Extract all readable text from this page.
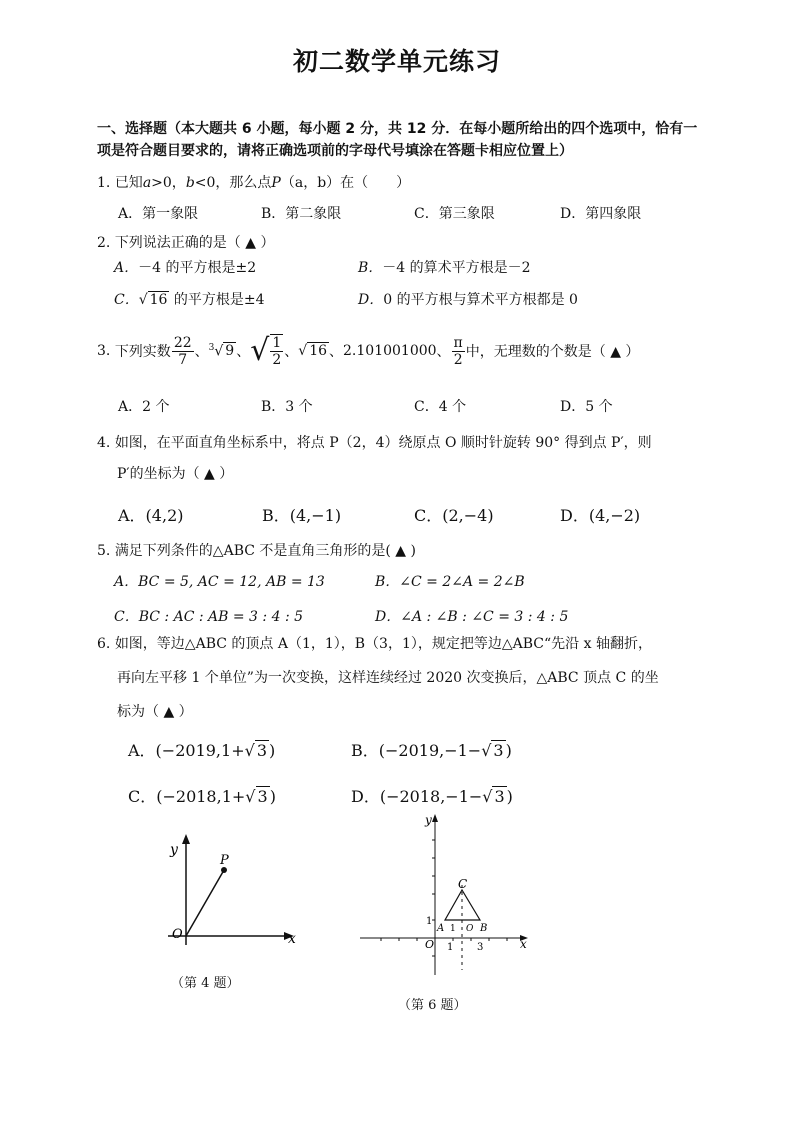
初二数学单元练习
一、选择题（本大题共 6 小题，每小题 2 分，共 12 分．在每小题所给出的四个选项中，恰有一项是符合题目要求的，请将正确选项前的字母代号填涂在答题卡相应位置上）
1. 已知a>0，b<0，那么点P（a，b）在（　　）
A．第一象限	B．第二象限	C．第三象限	D．第四象限
2. 下列说法正确的是（ ▲ ）
A．－4 的平方根是±2	B．－4 的算术平方根是－2
C．√ 16 的平方根是±4	D．0 的平方根与算术平方根都是 0
3.
下列实数 $\frac{22}{7}$ 、 $^3$√ 9 、 √ $\frac{1}{2}$ 、 √ 16 、 2.101001000 、 $\frac{\pi}{2}$ 中，无理数的个数是（ ▲ ）
A．2 个	B．3 个	C．4 个	D．5 个
4. 如图，在平面直角坐标系中，将点 P（2，4）绕原点 O 顺时针旋转 90° 得到点 P′，则
P′的坐标为（ ▲ ）
A．(4,2)	B．(4,−1)	C．(2,−4)	D．(4,−2)
5. 满足下列条件的△ABC 不是直角三角形的是( ▲ )
A．BC = 5, AC = 12, AB = 13	B．∠C = 2∠A = 2∠B
C．BC : AC : AB = 3 : 4 : 5	D．∠A : ∠B : ∠C = 3 : 4 : 5
6. 如图，等边△ABC 的顶点 A（1，1），B（3，1），规定把等边△ABC“先沿 x 轴翻折，
再向左平移 1 个单位”为一次变换，这样连续经过 2020 次变换后，△ABC 顶点 C 的坐
标为（ ▲ ）
A．(−2019,1+√ 3 )	B．(−2019,−1−√ 3 )
C．(−2018,1+√ 3 )	D．(−2018,−1−√ 3 )
y
x
O
P
（第 4 题）
C
A	B
1 O
1
O 1 3
y
x
（第 6 题）
